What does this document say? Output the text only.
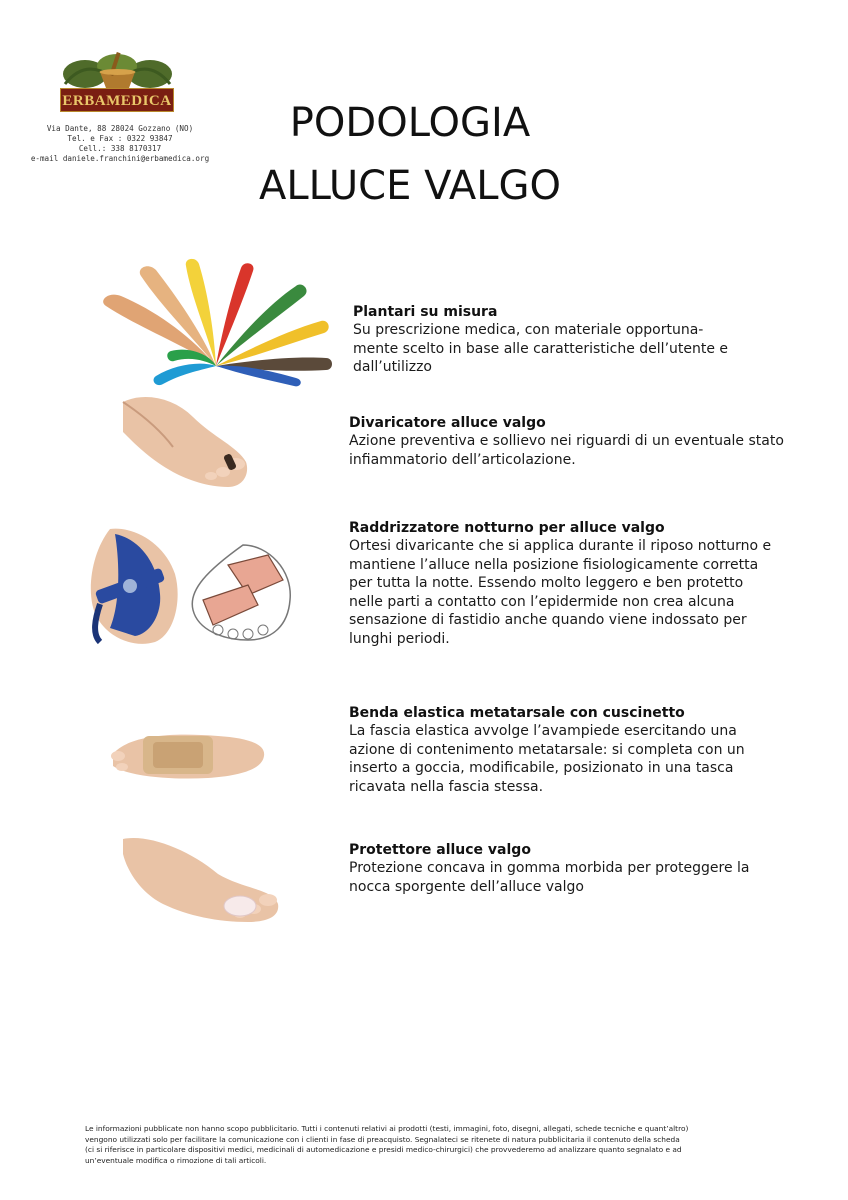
ERBAMEDICA
Via Dante, 88 28024 Gozzano (NO)
Tel. e Fax : 0322 93847
Cell.: 338 8170317
e-mail daniele.franchini@erbamedica.org
PODOLOGIA
ALLUCE VALGO
Plantari su misura
Su prescrizione medica, con materiale opportuna-
mente scelto in base alle caratteristiche dell’utente e
dall’utilizzo
Divaricatore alluce valgo
Azione preventiva e sollievo nei riguardi di un eventuale stato
infiammatorio dell’articolazione.
Raddrizzatore notturno per alluce valgo
Ortesi divaricante che si applica durante il riposo notturno e
mantiene l’alluce nella posizione fisiologicamente corretta
per tutta la notte. Essendo molto leggero e ben protetto
nelle parti a contatto con l’epidermide non crea alcuna
sensazione di fastidio anche quando viene indossato per
lunghi periodi.
Benda elastica metatarsale con cuscinetto
La fascia elastica avvolge l’avampiede esercitando una
azione di contenimento metatarsale: si completa con un
inserto a goccia, modificabile, posizionato in una tasca
ricavata nella fascia stessa.
Protettore alluce valgo
Protezione concava in gomma morbida per proteggere la
nocca sporgente dell’alluce valgo
Le informazioni pubblicate non hanno scopo pubblicitario. Tutti i contenuti relativi ai prodotti (testi, immagini, foto, disegni, allegati, schede tecniche e quant’altro)
vengono utilizzati solo per facilitare la comunicazione con i clienti in fase di preacquisto. Segnalateci se ritenete di natura pubblicitaria il contenuto della scheda
(ci si riferisce in particolare dispositivi medici, medicinali di automedicazione e presidi medico-chirurgici) che provvederemo ad analizzare quanto segnalato e ad
un’eventuale modifica o rimozione di tali articoli.
